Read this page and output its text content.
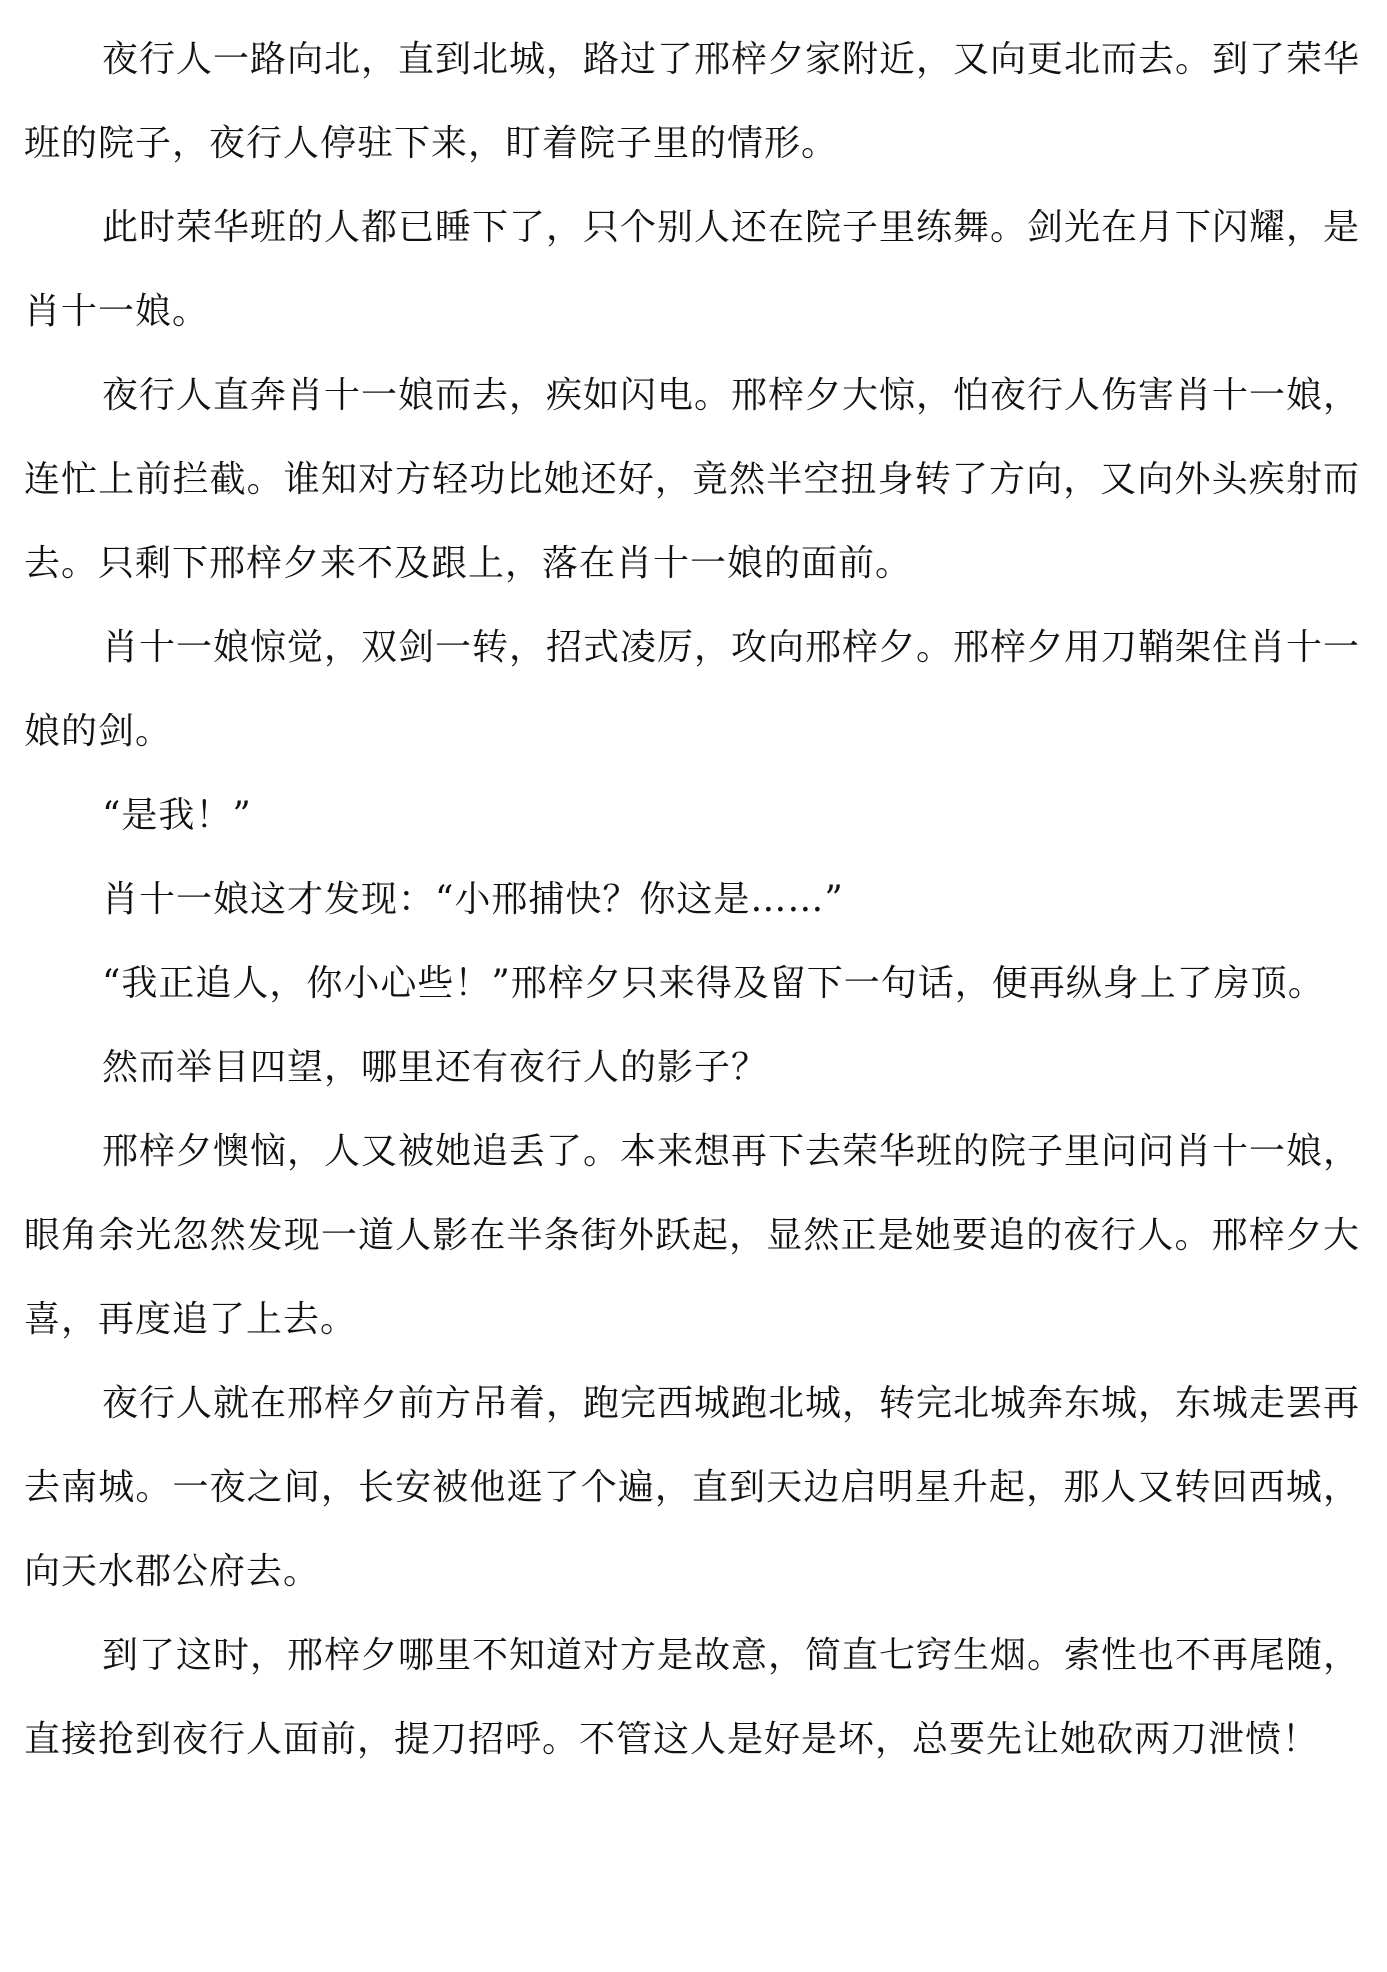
夜行人一路向北，直到北城，路过了邢梓夕家附近，又向更北而去。到了荣华班的院子，夜行人停驻下来，盯着院子里的情形。

此时荣华班的人都已睡下了，只个别人还在院子里练舞。剑光在月下闪耀，是肖十一娘。

夜行人直奔肖十一娘而去，疾如闪电。邢梓夕大惊，怕夜行人伤害肖十一娘，连忙上前拦截。谁知对方轻功比她还好，竟然半空扭身转了方向，又向外头疾射而去。只剩下邢梓夕来不及跟上，落在肖十一娘的面前。

肖十一娘惊觉，双剑一转，招式凌厉，攻向邢梓夕。邢梓夕用刀鞘架住肖十一娘的剑。

“是我！”

肖十一娘这才发现：“小邢捕快？你这是……”

“我正追人，你小心些！”邢梓夕只来得及留下一句话，便再纵身上了房顶。

然而举目四望，哪里还有夜行人的影子？

邢梓夕懊恼，人又被她追丢了。本来想再下去荣华班的院子里问问肖十一娘，眼角余光忽然发现一道人影在半条街外跃起，显然正是她要追的夜行人。邢梓夕大喜，再度追了上去。

夜行人就在邢梓夕前方吊着，跑完西城跑北城，转完北城奔东城，东城走罢再去南城。一夜之间，长安被他逛了个遍，直到天边启明星升起，那人又转回西城，向天水郡公府去。

到了这时，邢梓夕哪里不知道对方是故意，简直七窍生烟。索性也不再尾随，直接抢到夜行人面前，提刀招呼。不管这人是好是坏，总要先让她砍两刀泄愤！
